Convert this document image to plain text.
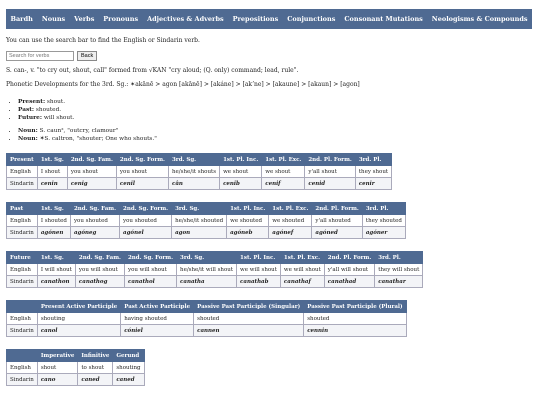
Bardh Nouns Verbs Pronouns Adjectives & Adverbs Prepositions Conjunctions Consonant Mutations Neologisms & Compounds
You can use the search bar to find the English or Sindarin verb.
Search for verbs
Back
S. can-, v. "to cry out, shout, call" formed from √KAN "cry aloud; (Q. only) command; lead, rule".
Phonetic Developments for the 3rd. Sg.: ✶akānē > agon [akānē] > [akáne] > [akʼne] > [akaune] > [akaun] > [agon]
• Present: shout.
• Past: shouted.
• Future: will shout.
• Noun: S. caun², "outcry, clamour"
• Noun: ✶S. caltron, "shouter; One who shouts."
Present	1st. Sg.	2nd. Sg. Fam.	2nd. Sg. Form.	3rd. Sg.	1st. Pl. Inc.	1st. Pl. Exc.	2nd. Pl. Form.	3rd. Pl.
English	I shout	you shout	you shout	he/she/it shouts	we shout	we shout	y'all shout	they shout
Sindarin	cenin	cenig	cenil	cân	cenib	cenif	cenid	cenir
Past	1st. Sg.	2nd. Sg. Fam.	2nd. Sg. Form.	3rd. Sg.	1st. Pl. Inc.	1st. Pl. Exc.	2nd. Pl. Form.	3rd. Pl.
English	I shouted	you shouted	you shouted	he/she/it shouted	we shouted	we shouted	y'all shouted	they shouted
Sindarin	agónen	agóneg	agónel	agon	agóneb	agónef	agóned	agóner
Future	1st. Sg.	2nd. Sg. Fam.	2nd. Sg. Form.	3rd. Sg.	1st. Pl. Inc.	1st. Pl. Exc.	2nd. Pl. Form.	3rd. Pl.
English	I will shout	you will shout	you will shout	he/she/it will shout	we will shout	we will shout	y'all will shout	they will shout
Sindarin	canathon	canathog	canathol	canatha	canathab	canathaf	canathad	canathar
	Present Active Participle	Past Active Participle	Passive Past Participle (Singular)	Passive Past Participle (Plural)
English	shouting	having shouted	shouted	shouted
Sindarin	canol	cóniel	cannen	cennin
	Imperative	Infinitive	Gerund
English	shout	to shout	shouting
Sindarin	cano	caned	caned
